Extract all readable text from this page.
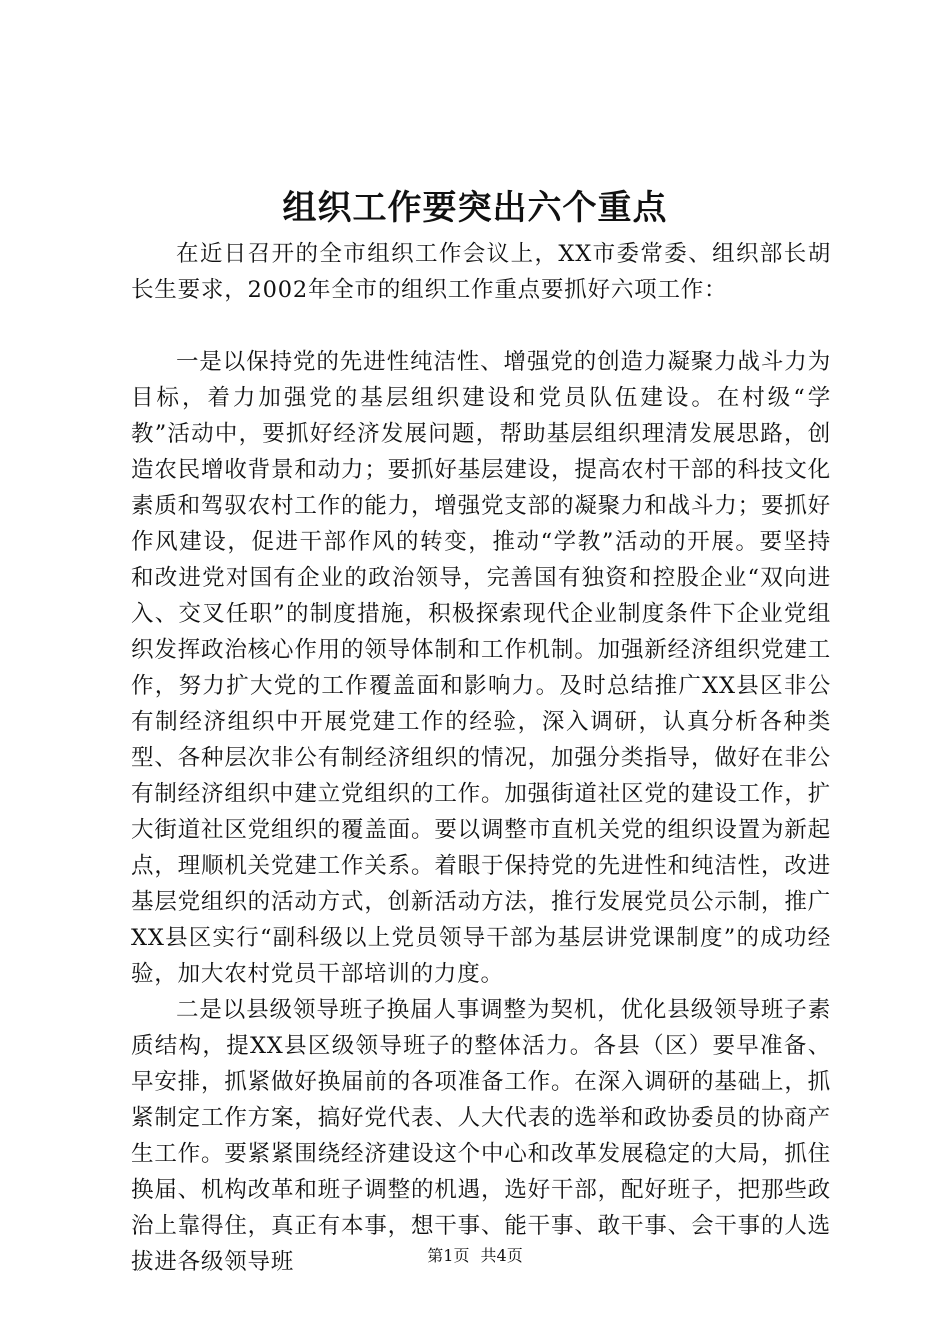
组织工作要突出六个重点

在近日召开的全市组织工作会议上，XX市委常委、组织部长胡长生要求，2002年全市的组织工作重点要抓好六项工作：

一是以保持党的先进性纯洁性、增强党的创造力凝聚力战斗力为目标，着力加强党的基层组织建设和党员队伍建设。在村级“学教”活动中，要抓好经济发展问题，帮助基层组织理清发展思路，创造农民增收背景和动力；要抓好基层建设，提高农村干部的科技文化素质和驾驭农村工作的能力，增强党支部的凝聚力和战斗力；要抓好作风建设，促进干部作风的转变，推动“学教”活动的开展。要坚持和改进党对国有企业的政治领导，完善国有独资和控股企业“双向进入、交叉任职”的制度措施，积极探索现代企业制度条件下企业党组织发挥政治核心作用的领导体制和工作机制。加强新经济组织党建工作，努力扩大党的工作覆盖面和影响力。及时总结推广XX县区非公有制经济组织中开展党建工作的经验，深入调研，认真分析各种类型、各种层次非公有制经济组织的情况，加强分类指导，做好在非公有制经济组织中建立党组织的工作。加强街道社区党的建设工作，扩大街道社区党组织的覆盖面。要以调整市直机关党的组织设置为新起点，理顺机关党建工作关系。着眼于保持党的先进性和纯洁性，改进基层党组织的活动方式，创新活动方法，推行发展党员公示制，推广XX县区实行“副科级以上党员领导干部为基层讲党课制度”的成功经验，加大农村党员干部培训的力度。

二是以县级领导班子换届人事调整为契机，优化县级领导班子素质结构，提XX县区级领导班子的整体活力。各县（区）要早准备、早安排，抓紧做好换届前的各项准备工作。在深入调研的基础上，抓紧制定工作方案，搞好党代表、人大代表的选举和政协委员的协商产生工作。要紧紧围绕经济建设这个中心和改革发展稳定的大局，抓住换届、机构改革和班子调整的机遇，选好干部，配好班子，把那些政治上靠得住，真正有本事，想干事、能干事、敢干事、会干事的人选拔进各级领导班	第1页 共4页
